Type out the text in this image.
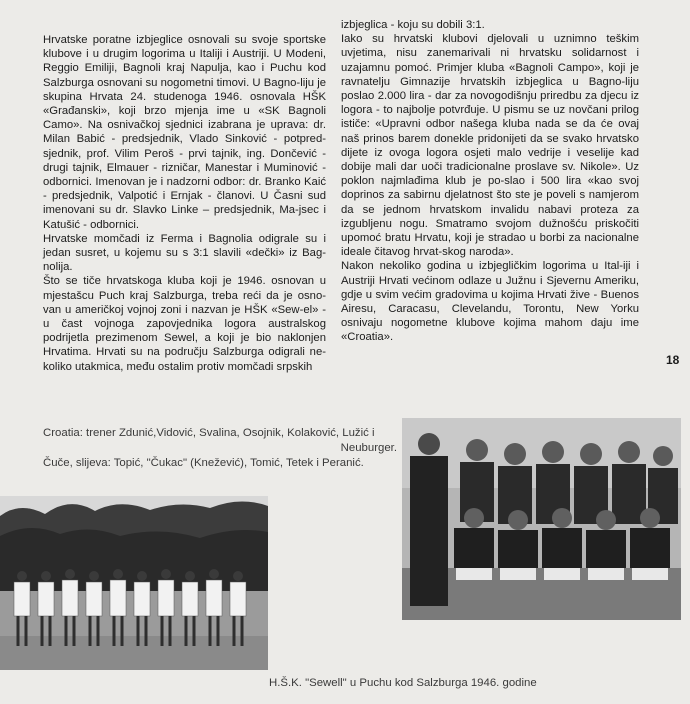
Hrvatske poratne izbjeglice osnovali su svoje sportske klubove i u drugim logorima u Italiji i Austriji. U Modeni, Reggio Emiliji, Bagnoli kraj Napulja, kao i Puchu kod Salzburga osnovani su nogometni timovi. U Bagno-liju je skupina Hrvata 24. studenoga 1946. osnovala HŠK «Građanski», koji brzo mjenja ime u «SK Bagnoli Camo». Na osnivačkoj sjednici izabrana je uprava: dr. Milan Babić - predsjednik, Vlado Sinković - potpred-sjednik, prof. Vilim Peroš - prvi tajnik, ing. Dončević - drugi tajnik, Elmauer - rizničar, Manestar i Muminović - odbornici. Imenovan je i nadzorni odbor: dr. Branko Kaić - predsjednik, Valpotić i Ernjak - članovi. U Časni sud imenovani su dr. Slavko Linke – predsjednik, Ma-jsec i Katušić - odbornici.

Hrvatske momčadi iz Ferma i Bagnolia odigrale su i jedan susret, u kojemu su s 3:1 slavili «dečki» iz Bag-nolija.

Što se tiče hrvatskoga kluba koji je 1946. osnovan u mjestašcu Puch kraj Salzburga, treba reći da je osno-van u američkoj vojnoj zoni i nazvan je HŠK «Sew-el» - u čast vojnoga zapovjednika logora australskog podrijetla prezimenom Sewel, a koji je bio naklonjen Hrvatima. Hrvati su na području Salzburga odigrali ne-koliko utakmica, među ostalim protiv momčadi srpskih

izbjeglica - koju su dobili 3:1.

Iako su hrvatski klubovi djelovali u uznimno teškim uvjetima, nisu zanemarivali ni hrvatsku solidarnost i uzajamnu pomoć. Primjer kluba «Bagnoli Campo», koji je ravnatelju Gimnazije hrvatskih izbjeglica u Bagno-liju poslao 2.000 lira - dar za novogodišnju priredbu za djecu iz logora - to najbolje potvrđuje. U pismu se uz novčani prilog ističe: «Upravni odbor našega kluba nada se da će ovaj naš prinos barem donekle pridonijeti da se svako hrvatsko dijete iz ovoga logora osjeti malo vedrije i veselije kad dobije mali dar uoči tradicionalne proslave sv. Nikole». Uz poklon najmlađima klub je po-slao i 500 lira «kao svoj doprinos za sabirnu djelatnost što ste je poveli s namjerom da se jednom hrvatskom invalidu nabavi proteza za izgubljenu nogu. Smatramo svojom dužnošću priskočiti upomoć bratu Hrvatu, koji je stradao u borbi za nacionalne ideale čitavog hrvat-skog naroda».

Nakon nekoliko godina u izbjegličkim logorima u Ital-iji i Austriji Hrvati većinom odlaze u Južnu i Sjevernu Ameriku, gdje u svim većim gradovima u kojima Hrvati žive - Buenos Airesu, Caracasu, Clevelandu, Torontu, New Yorku osnivaju nogometne klubove kojima mahom daju ime «Croatia».

18
Croatia: trener Zdunić,Vidović, Svalina, Osojnik, Kolaković, Lužić i
Neuburger.
Čuče, slijeva: Topić, "Čukac" (Knežević), Tomić, Tetek i Peranić.
H.Š.K. "Sewell" u Puchu kod Salzburga 1946. godine
